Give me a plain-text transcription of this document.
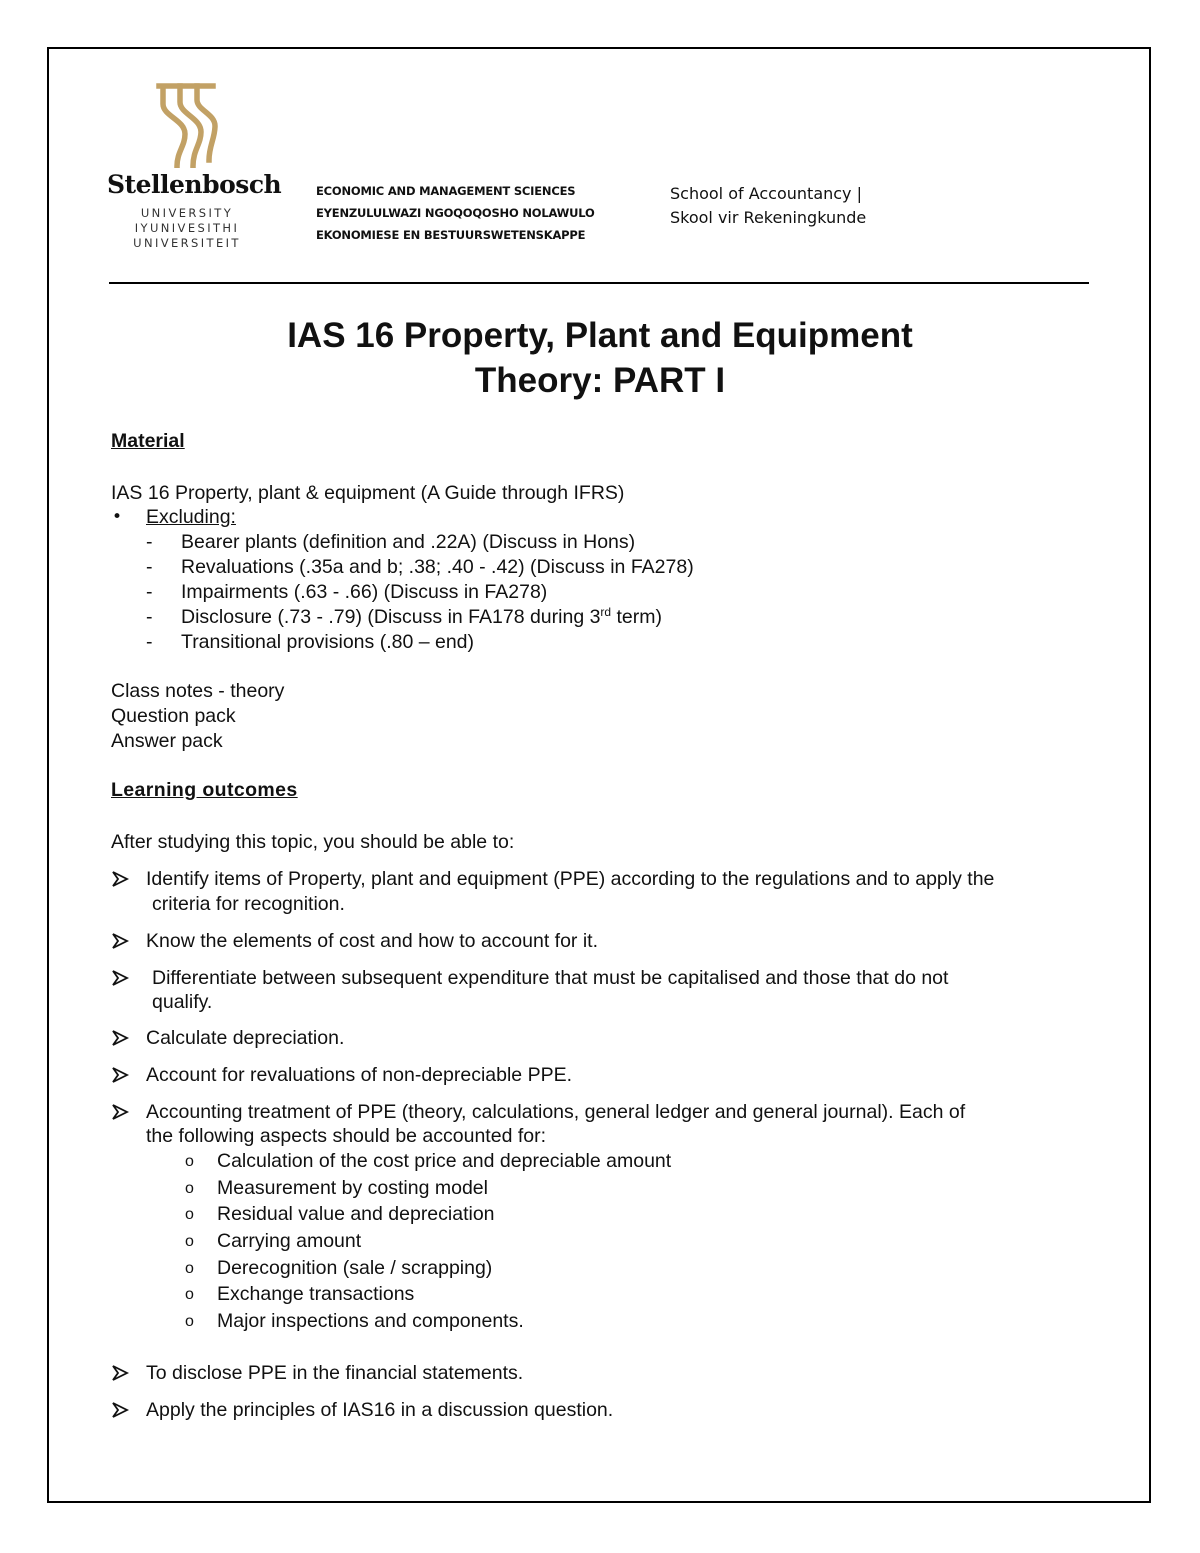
Stellenbosch
UNIVERSITY
IYUNIVESITHI
UNIVERSITEIT
ECONOMIC AND MANAGEMENT SCIENCES
EYENZULULWAZI NGOQOQOSHO NOLAWULO
EKONOMIESE EN BESTUURSWETENSKAPPE
School of Accountancy |
Skool vir Rekeningkunde
IAS 16 Property, Plant and Equipment
Theory: PART I
Material
IAS 16 Property, plant & equipment (A Guide through IFRS)
• Excluding:
- Bearer plants (definition and .22A) (Discuss in Hons)
- Revaluations (.35a and b; .38; .40 - .42) (Discuss in FA278)
- Impairments (.63 - .66) (Discuss in FA278)
- Disclosure (.73 - .79) (Discuss in FA178 during 3rd term)
- Transitional provisions (.80 – end)
Class notes - theory
Question pack
Answer pack
Learning outcomes
After studying this topic, you should be able to:
Identify items of Property, plant and equipment (PPE) according to the regulations and to apply the
criteria for recognition.
Know the elements of cost and how to account for it.
Differentiate between subsequent expenditure that must be capitalised and those that do not
qualify.
Calculate depreciation.
Account for revaluations of non-depreciable PPE.
Accounting treatment of PPE (theory, calculations, general ledger and general journal). Each of
the following aspects should be accounted for:
o Calculation of the cost price and depreciable amount
o Measurement by costing model
o Residual value and depreciation
o Carrying amount
o Derecognition (sale / scrapping)
o Exchange transactions
o Major inspections and components.
To disclose PPE in the financial statements.
Apply the principles of IAS16 in a discussion question.
